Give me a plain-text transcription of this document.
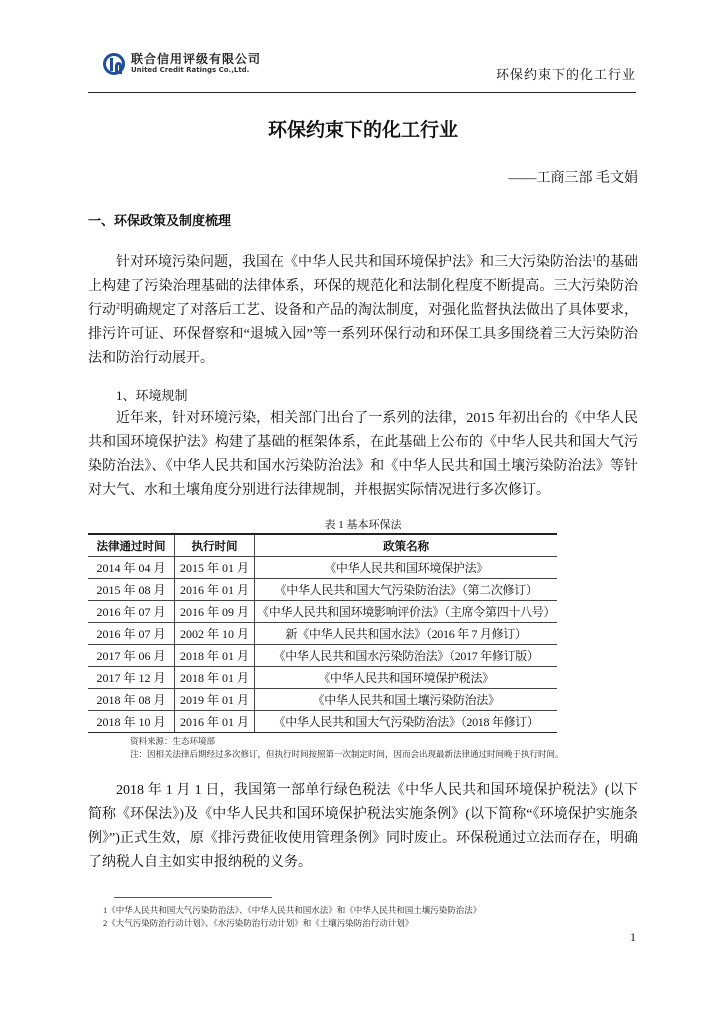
联合信用评级有限公司
United Credit Ratings Co.,Ltd.	环保约束下的化工行业
环保约束下的化工行业
——工商三部 毛文娟
一、环保政策及制度梳理

针对环境污染问题，我国在《中华人民共和国环境保护法》和三大污染防治法$^1$的基础上构建了污染治理基础的法律体系，环保的规范化和法制化程度不断提高。三大污染防治行动$^2$明确规定了对落后工艺、设备和产品的淘汰制度，对强化监督执法做出了具体要求，排污许可证、环保督察和“退城入园”等一系列环保行动和环保工具多围绕着三大污染防治法和防治行动展开。

1、环境规制

近年来，针对环境污染，相关部门出台了一系列的法律，2015 年初出台的《中华人民共和国环境保护法》构建了基础的框架体系，在此基础上公布的《中华人民共和国大气污染防治法》、《中华人民共和国水污染防治法》和《中华人民共和国土壤污染防治法》等针对大气、水和土壤角度分别进行法律规制，并根据实际情况进行多次修订。

表 1 基本环保法
法律通过时间	执行时间	政策名称
2014 年 04 月	2015 年 01 月	《中华人民共和国环境保护法》
2015 年 08 月	2016 年 01 月	《中华人民共和国大气污染防治法》（第二次修订）
2016 年 07 月	2016 年 09 月	《中华人民共和国环境影响评价法》（主席令第四十八号）
2016 年 07 月	2002 年 10 月	新《中华人民共和国水法》（2016 年 7 月修订）
2017 年 06 月	2018 年 01 月	《中华人民共和国水污染防治法》（2017 年修订版）
2017 年 12 月	2018 年 01 月	《中华人民共和国环境保护税法》
2018 年 08 月	2019 年 01 月	《中华人民共和国土壤污染防治法》
2018 年 10 月	2016 年 01 月	《中华人民共和国大气污染防治法》（2018 年修订）
资料来源：生态环境部
注：因相关法律后期经过多次修订，但执行时间按照第一次制定时间，因而会出现最新法律通过时间晚于执行时间。

2018 年 1 月 1 日，我国第一部单行绿色税法《中华人民共和国环境保护税法》(以下简称《环保法》)及《中华人民共和国环境保护税法实施条例》(以下简称“《环境保护实施条例》”)正式生效，原《排污费征收使用管理条例》同时废止。环保税通过立法而存在，明确了纳税人自主如实申报纳税的义务。

1《中华人民共和国大气污染防治法》、《中华人民共和国水法》和《中华人民共和国土壤污染防治法》
2《大气污染防治行动计划》、《水污染防治行动计划》和《土壤污染防治行动计划》
1
